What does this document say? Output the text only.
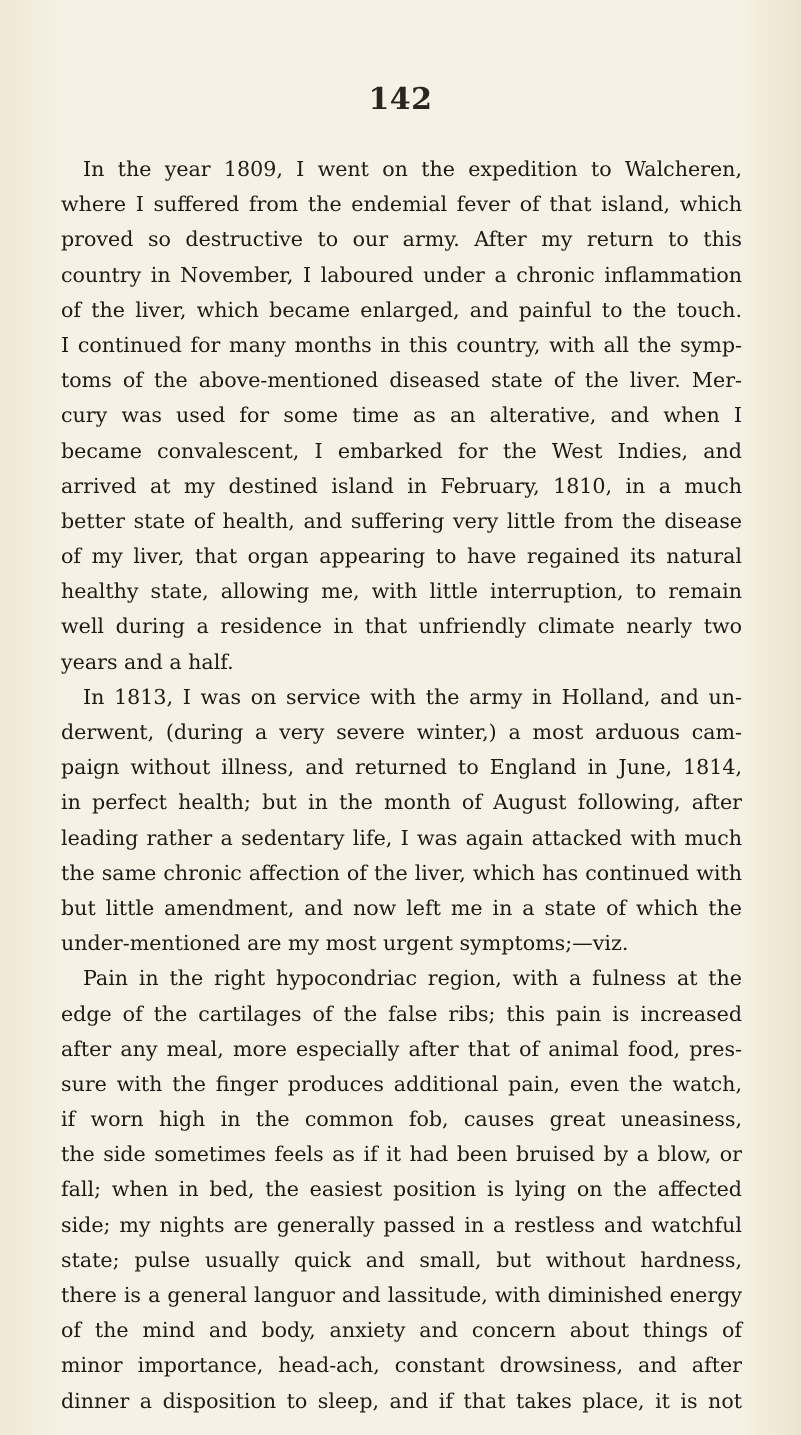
142
In the year 1809, I went on the expedition to Walcheren,
where I suffered from the endemial fever of that island, which
proved so destructive to our army. After my return to this
country in November, I laboured under a chronic inflammation
of the liver, which became enlarged, and painful to the touch.
I continued for many months in this country, with all the symp-
toms of the above-mentioned diseased state of the liver. Mer-
cury was used for some time as an alterative, and when I
became convalescent, I embarked for the West Indies, and
arrived at my destined island in February, 1810, in a much
better state of health, and suffering very little from the disease
of my liver, that organ appearing to have regained its natural
healthy state, allowing me, with little interruption, to remain
well during a residence in that unfriendly climate nearly two
years and a half.
In 1813, I was on service with the army in Holland, and un-
derwent, (during a very severe winter,) a most arduous cam-
paign without illness, and returned to England in June, 1814,
in perfect health; but in the month of August following, after
leading rather a sedentary life, I was again attacked with much
the same chronic affection of the liver, which has continued with
but little amendment, and now left me in a state of which the
under-mentioned are my most urgent symptoms;—viz.
Pain in the right hypocondriac region, with a fulness at the
edge of the cartilages of the false ribs; this pain is increased
after any meal, more especially after that of animal food, pres-
sure with the finger produces additional pain, even the watch,
if worn high in the common fob, causes great uneasiness,
the side sometimes feels as if it had been bruised by a blow, or
fall; when in bed, the easiest position is lying on the affected
side; my nights are generally passed in a restless and watchful
state; pulse usually quick and small, but without hardness,
there is a general languor and lassitude, with diminished energy
of the mind and body, anxiety and concern about things of
minor importance, head-ach, constant drowsiness, and after
dinner a disposition to sleep, and if that takes place, it is not
